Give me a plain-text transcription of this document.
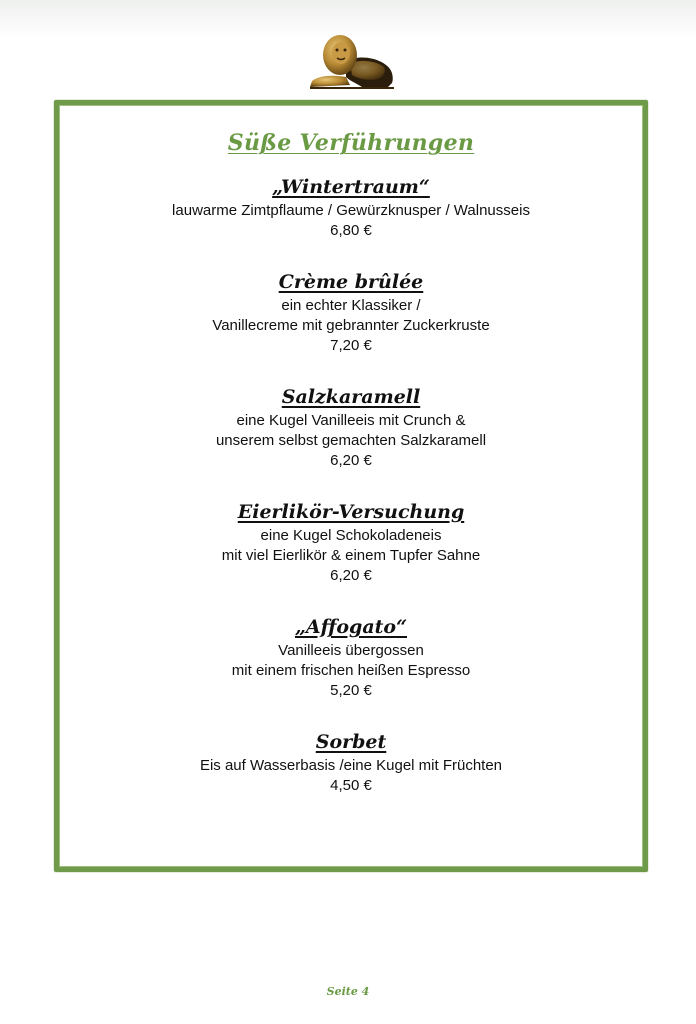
Süße Verführungen

„Wintertraum“

lauwarme Zimtpflaume / Gewürzknusper / Walnusseis

6,80 €

Crème brûlée

ein echter Klassiker /

Vanillecreme mit gebrannter Zuckerkruste

7,20 €

Salzkaramell

eine Kugel Vanilleeis mit Crunch &

unserem selbst gemachten Salzkaramell

6,20 €

Eierlikör-Versuchung

eine Kugel Schokoladeneis

mit viel Eierlikör & einem Tupfer Sahne

6,20 €

„Affogato“

Vanilleeis übergossen

mit einem frischen heißen Espresso

5,20 €

Sorbet

Eis auf Wasserbasis /eine Kugel mit Früchten

4,50 €

Seite 4
